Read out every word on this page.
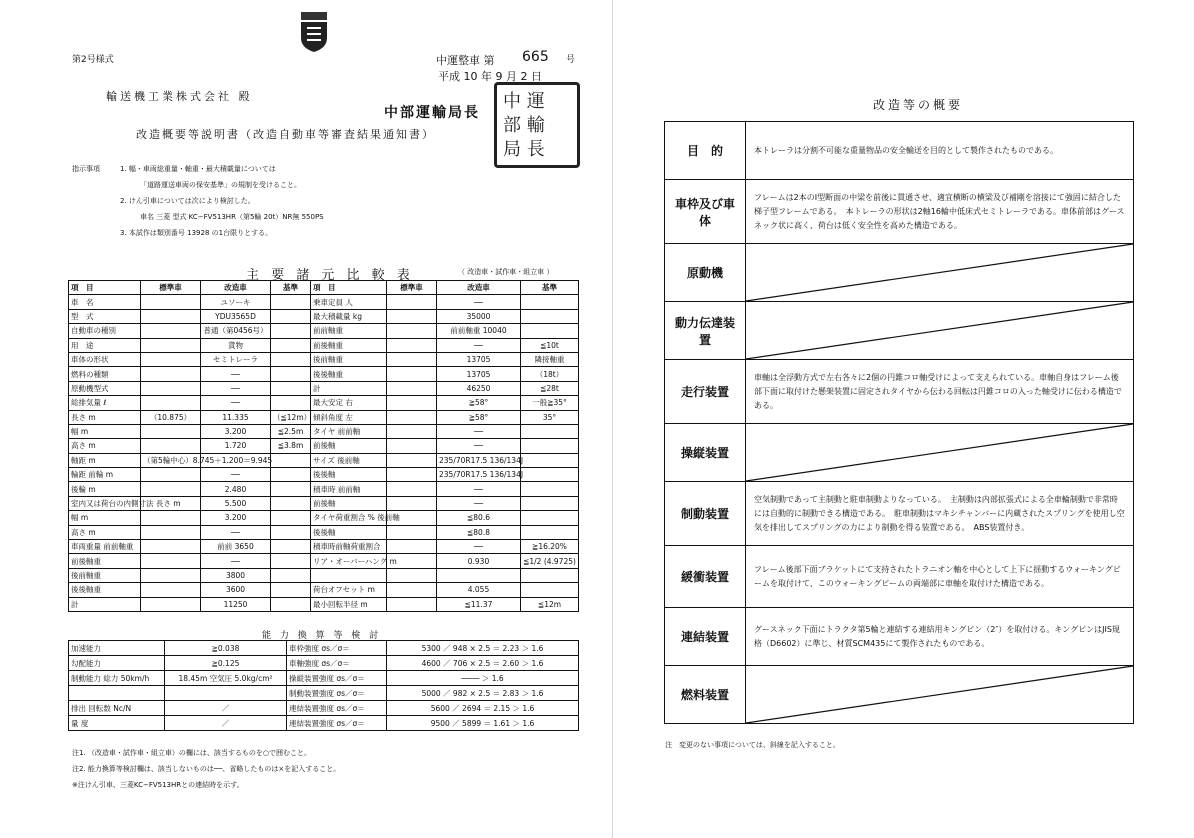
第2号様式	中運整車 第 665 号
平成 10 年 9 月 2 日
輸送機工業株式会社 殿
中部運輸局長
改造概要等説明書（改造自動車等審査結果通知書）
中 運
部 輸
局 長
指示事項	1. 幅・車両総重量・軸重・最大積載量については
「道路運送車両の保安基準」の規制を受けること。
2. けん引車については次により検討した。
車名 三菱 型式 KC−FV513HR（第5輪 20t）NR無 550PS
3. 本試作は類別番号 13928 の1台限りとする。
主 要 諸 元 比 較 表	（ 改造車・試作車・組立車 ）
項　目	標準車	改造車	基準	項　目	標準車	改造車	基準
車　名		ユソーキ		乗車定員 人		──	
型　式		YDU3565D		最大積載量 kg		35000	
自動車の種別		普通（第0456号）		前前軸重		前前軸重 10040	
用　途		貨物		前後軸重		──	≦10t
車体の形状		セミトレーラ		後前軸重		13705	隣接軸重
燃料の種類		──		後後軸重		13705	（18t）
原動機型式		──		計		46250	≦28t
総排気量 ℓ		──		最大安定 右		≧58°	一般≧35°
長さ m	（10.875）	11.335	（≦12m）	傾斜角度 左		≧58°	35°
幅 m		3.200	≦2.5m	タイヤ 前前軸		──	
高さ m		1.720	≦3.8m	前後軸		──	
軸距 m	（第5輪中心）8.745＋1.200＝9.945			サイズ 後前軸		235/70R17.5 136/134J	
輪距 前輪 m		──		後後軸		235/70R17.5 136/134J	
後輪 m		2.480		積車時 前前軸		──	
室内又は荷台の内側寸法 長さ m		5.500		前後軸		──	
幅 m		3.200		タイヤ荷重割合 % 後前軸		≦80.6	
高さ m		──		後後軸		≦80.8	
車両重量 前前軸重		前前 3650		積車時前軸荷重割合		──	≧16.20%
前後軸重		──		リア・オーバーハング m		0.930	≦1/2 (4.9725)
後前軸重		3800					
後後軸重		3600		荷台オフセット m		4.055	
計		11250		最小回転半径 m		≦11.37	≦12m
能 力 換 算 等 検 討
加速能力	≧0.038	車枠強度 σs／σ＝	5300 ／ 948 × 2.5 ＝ 2.23 ＞ 1.6
勾配能力	≧0.125	車軸強度 σs／σ＝	4600 ／ 706 × 2.5 ＝ 2.60 ＞ 1.6
制動能力 総力 50km/h	18.45m 空気圧 5.0kg/cm²	操縦装置強度 σs／σ＝	──── ＞ 1.6
		制動装置強度 σs／σ＝	5000 ／ 982 × 2.5 ＝ 2.83 ＞ 1.6
排出 回転数 Nc/N	／	連結装置強度 σs／σ＝	5600 ／ 2694 ＝ 2.15 ＞ 1.6
量 度	／	連結装置強度 σs／σ＝	9500 ／ 5899 ＝ 1.61 ＞ 1.6
注1. （改造車・試作車・組立車）の欄には、該当するものを○で囲むこと。
注2. 能力換算等検討欄は、該当しないものは──、省略したものは×を記入すること。
※注けん引車、三菱KC−FV513HRとの連結時を示す。
改造等の概要
注　変更のない事項については、斜線を記入すること。
目　的	本トレーラは分割不可能な重量物品の安全輸送を目的として製作されたものである。
車枠及び車体	フレームは2本のI型断面の中梁を前後に貫通させ、適宜横断の横梁及び補剛を溶接にて強固に結合した梯子型フレームである。　本トレーラの形状は2軸16輪中低床式セミトレーラである。車体前部はグースネック状に高く、荷台は低く安全性を高めた構造である。
原動機	

動力伝達装置	

走行装置	車軸は全浮動方式で左右各々に2個の円錐コロ軸受けによって支えられている。車軸自身はフレーム後部下面に取付けた懸架装置に固定されタイヤから伝わる回転は円錐コロの入った軸受けに伝わる構造である。
操縦装置	

制動装置	空気制動であって主制動と駐車制動よりなっている。　主制動は内部拡張式による全車輪制動で非常時には自動的に制動できる構造である。　駐車制動はマキシチャンバーに内蔵されたスプリングを使用し空気を排出してスプリングの力により制動を得る装置である。　ABS装置付き。
緩衝装置	フレーム後部下面ブラケットにて支持されたトラニオン軸を中心として上下に揺動するウォーキングビームを取付けて、このウォーキングビームの両端部に車軸を取付けた構造である。
連結装置	グースネック下面にトラクタ第5輪と連結する連結用キングピン（2″）を取付ける。キングピンはJIS規格（D6602）に準じ、材質SCM435にて製作されたものである。
燃料装置	
